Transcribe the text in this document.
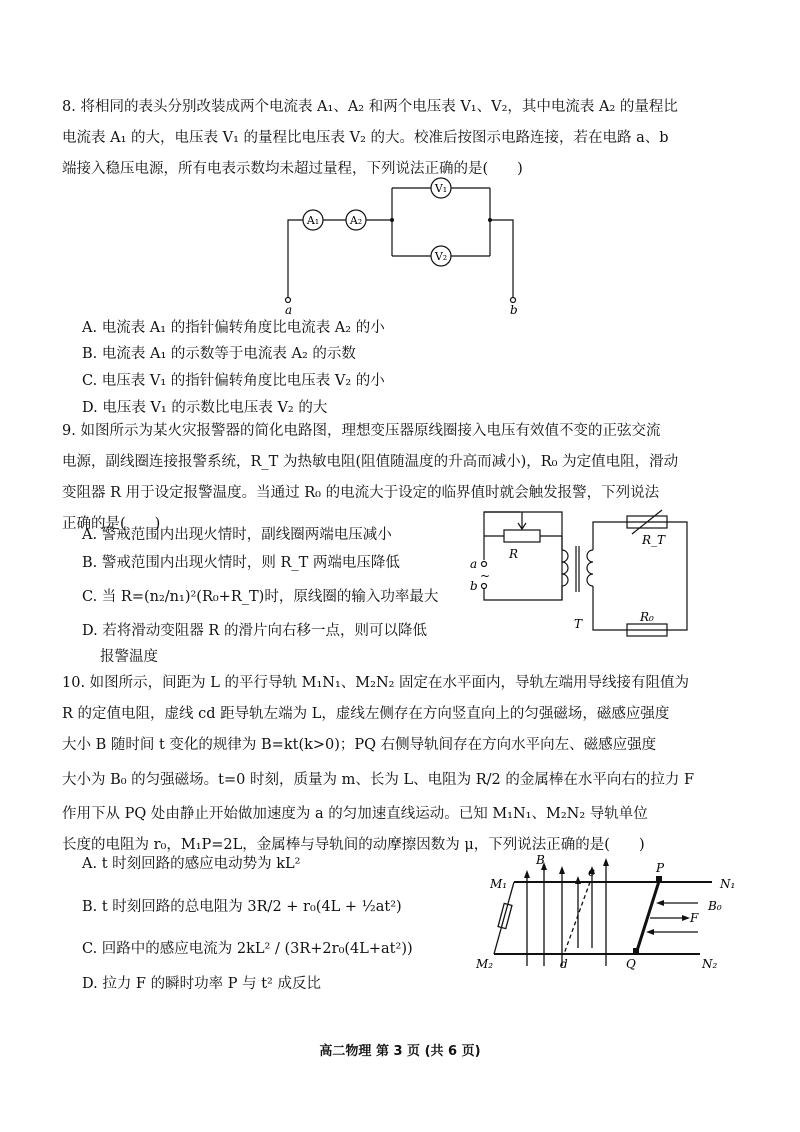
8. 将相同的表头分别改装成两个电流表 A₁、A₂ 和两个电压表 V₁、V₂，其中电流表 A₂ 的量程比
电流表 A₁ 的大，电压表 V₁ 的量程比电压表 V₂ 的大。校准后按图示电路连接，若在电路 a、b
端接入稳压电源，所有电表示数均未超过量程，下列说法正确的是(　　)
A₁	A₂
V₁
V₂
a	b
A. 电流表 A₁ 的指针偏转角度比电流表 A₂ 的小
B. 电流表 A₁ 的示数等于电流表 A₂ 的示数
C. 电压表 V₁ 的指针偏转角度比电压表 V₂ 的小
D. 电压表 V₁ 的示数比电压表 V₂ 的大
9. 如图所示为某火灾报警器的简化电路图，理想变压器原线圈接入电压有效值不变的正弦交流
电源，副线圈连接报警系统，R_T 为热敏电阻(阻值随温度的升高而减小)，R₀ 为定值电阻，滑动
变阻器 R 用于设定报警温度。当通过 R₀ 的电流大于设定的临界值时就会触发报警，下列说法
正确的是(　　)
A. 警戒范围内出现火情时，副线圈两端电压减小
B. 警戒范围内出现火情时，则 R_T 两端电压降低
C. 当 R=(n₂/n₁)²(R₀+R_T)时，原线圈的输入功率最大
D. 若将滑动变阻器 R 的滑片向右移一点，则可以降低
报警温度
R
R_T
R₀
T
a
b
~
10. 如图所示，间距为 L 的平行导轨 M₁N₁、M₂N₂ 固定在水平面内，导轨左端用导线接有阻值为
R 的定值电阻，虚线 cd 距导轨左端为 L，虚线左侧存在方向竖直向上的匀强磁场，磁感应强度
大小 B 随时间 t 变化的规律为 B=kt(k>0)；PQ 右侧导轨间存在方向水平向左、磁感应强度
大小为 B₀ 的匀强磁场。t=0 时刻，质量为 m、长为 L、电阻为 R/2 的金属棒在水平向右的拉力 F
作用下从 PQ 处由静止开始做加速度为 a 的匀加速直线运动。已知 M₁N₁、M₂N₂ 导轨单位
长度的电阻为 r₀，M₁P=2L，金属棒与导轨间的动摩擦因数为 μ，下列说法正确的是(　　)
A. t 时刻回路的感应电动势为 kL²
B. t 时刻回路的总电阻为 3R/2 + r₀(4L + ½at²)
C. 回路中的感应电流为 2kL² / (3R+2r₀(4L+at²))
D. 拉力 F 的瞬时功率 P 与 t² 成反比
M₁
M₂
N₁
N₂
B
B₀
c
d
P
Q
F
高二物理 第 3 页 (共 6 页)
